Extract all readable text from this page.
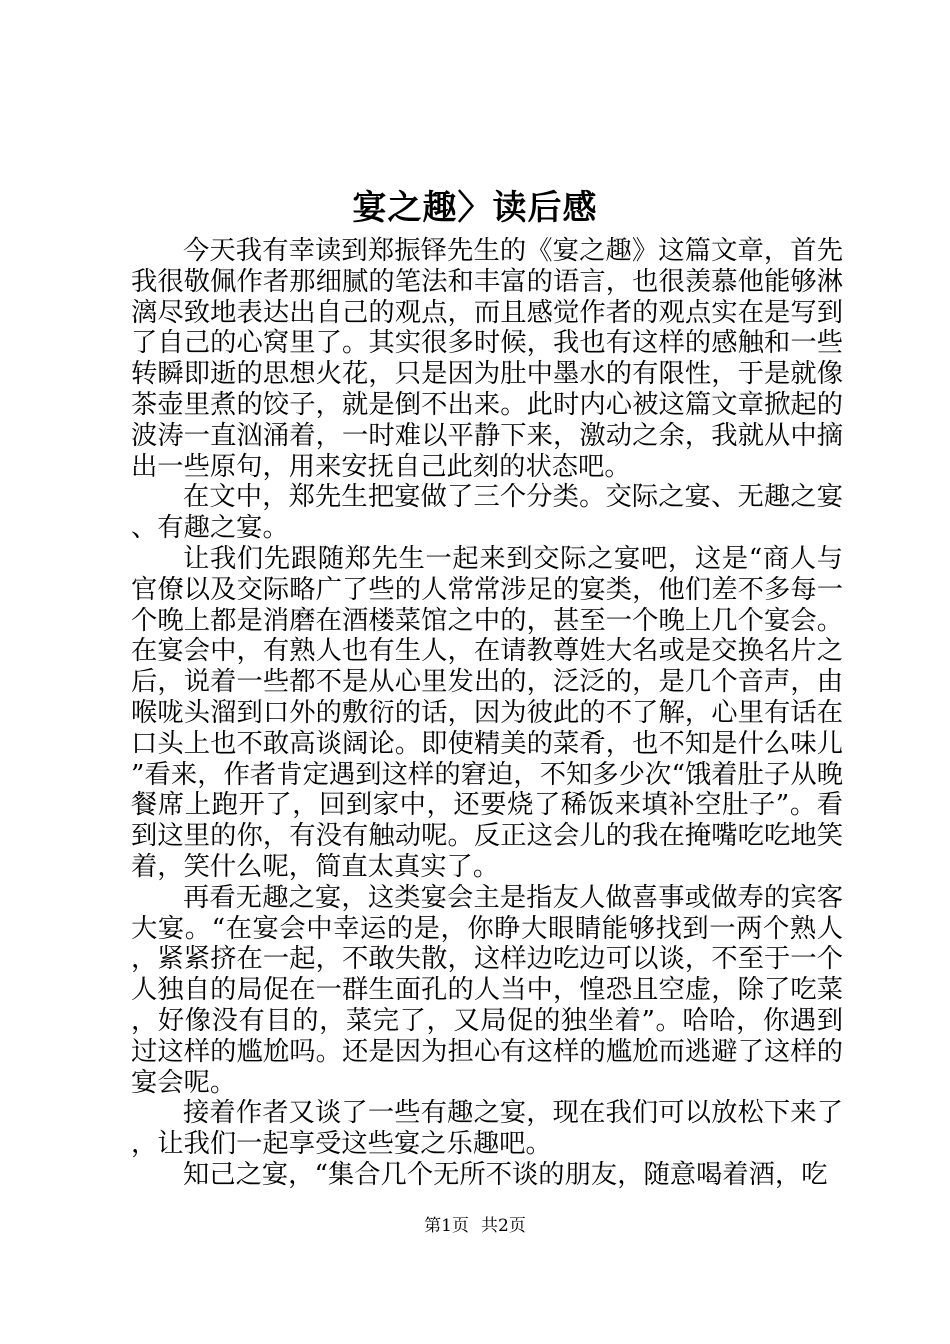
宴之趣〉读后感

今天我有幸读到郑振铎先生的《宴之趣》这篇文章，首先我很敬佩作者那细腻的笔法和丰富的语言，也很羡慕他能够淋漓尽致地表达出自己的观点，而且感觉作者的观点实在是写到了自己的心窝里了。其实很多时候，我也有这样的感触和一些转瞬即逝的思想火花，只是因为肚中墨水的有限性，于是就像茶壶里煮的饺子，就是倒不出来。此时内心被这篇文章掀起的波涛一直汹涌着，一时难以平静下来，激动之余，我就从中摘出一些原句，用来安抚自己此刻的状态吧。

在文中，郑先生把宴做了三个分类。交际之宴、无趣之宴、有趣之宴。

让我们先跟随郑先生一起来到交际之宴吧，这是“商人与官僚以及交际略广了些的人常常涉足的宴类，他们差不多每一个晚上都是消磨在酒楼菜馆之中的，甚至一个晚上几个宴会。在宴会中，有熟人也有生人，在请教尊姓大名或是交换名片之后，说着一些都不是从心里发出的，泛泛的，是几个音声，由喉咙头溜到口外的敷衍的话，因为彼此的不了解，心里有话在口头上也不敢高谈阔论。即使精美的菜肴，也不知是什么味儿”看来，作者肯定遇到这样的窘迫，不知多少次“饿着肚子从晚餐席上跑开了，回到家中，还要烧了稀饭来填补空肚子”。看到这里的你，有没有触动呢。反正这会儿的我在掩嘴吃吃地笑着，笑什么呢，简直太真实了。

再看无趣之宴，这类宴会主是指友人做喜事或做寿的宾客大宴。“在宴会中幸运的是，你睁大眼睛能够找到一两个熟人，紧紧挤在一起，不敢失散，这样边吃边可以谈，不至于一个人独自的局促在一群生面孔的人当中，惶恐且空虚，除了吃菜，好像没有目的，菜完了，又局促的独坐着”。哈哈，你遇到过这样的尴尬吗。还是因为担心有这样的尴尬而逃避了这样的宴会呢。

接着作者又谈了一些有趣之宴，现在我们可以放松下来了，让我们一起享受这些宴之乐趣吧。

知己之宴，“集合几个无所不谈的朋友，随意喝着酒，吃

第1页 共2页
